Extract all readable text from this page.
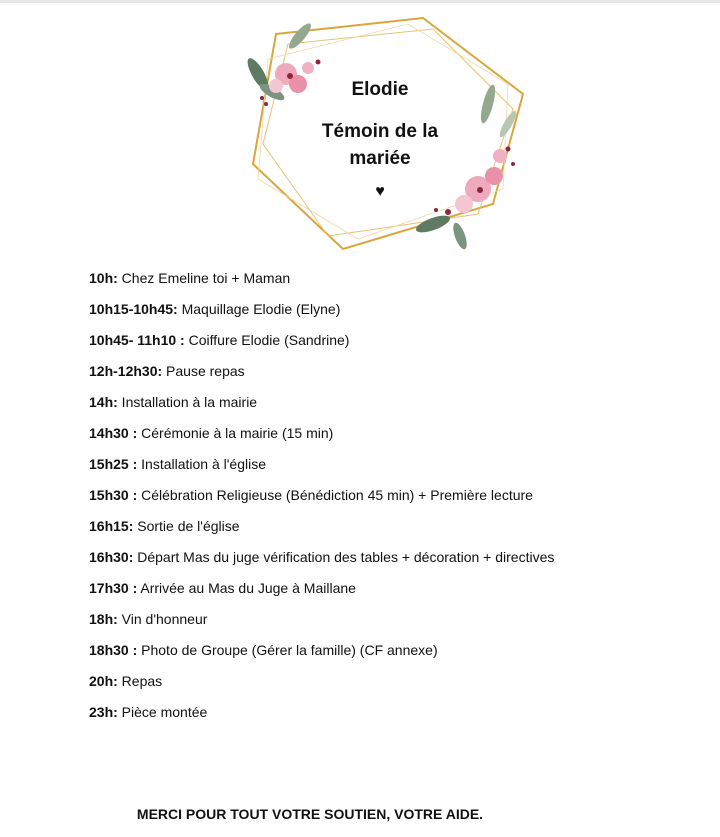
Elodie
Témoin de la mariée
♥
10h: Chez Emeline toi + Maman
10h15-10h45: Maquillage Elodie (Elyne)
10h45- 11h10 : Coiffure Elodie (Sandrine)
12h-12h30: Pause repas
14h: Installation à la mairie
14h30 : Cérémonie à la mairie (15 min)
15h25 : Installation à l'église
15h30 : Célébration Religieuse (Bénédiction 45 min) + Première lecture
16h15: Sortie de l'église
16h30: Départ Mas du juge vérification des tables + décoration + directives
17h30 : Arrivée au Mas du Juge à Maillane
18h: Vin d'honneur
18h30 : Photo de Groupe (Gérer la famille) (CF annexe)
20h: Repas
23h: Pièce montée
MERCI POUR TOUT VOTRE SOUTIEN, VOTRE AIDE.
